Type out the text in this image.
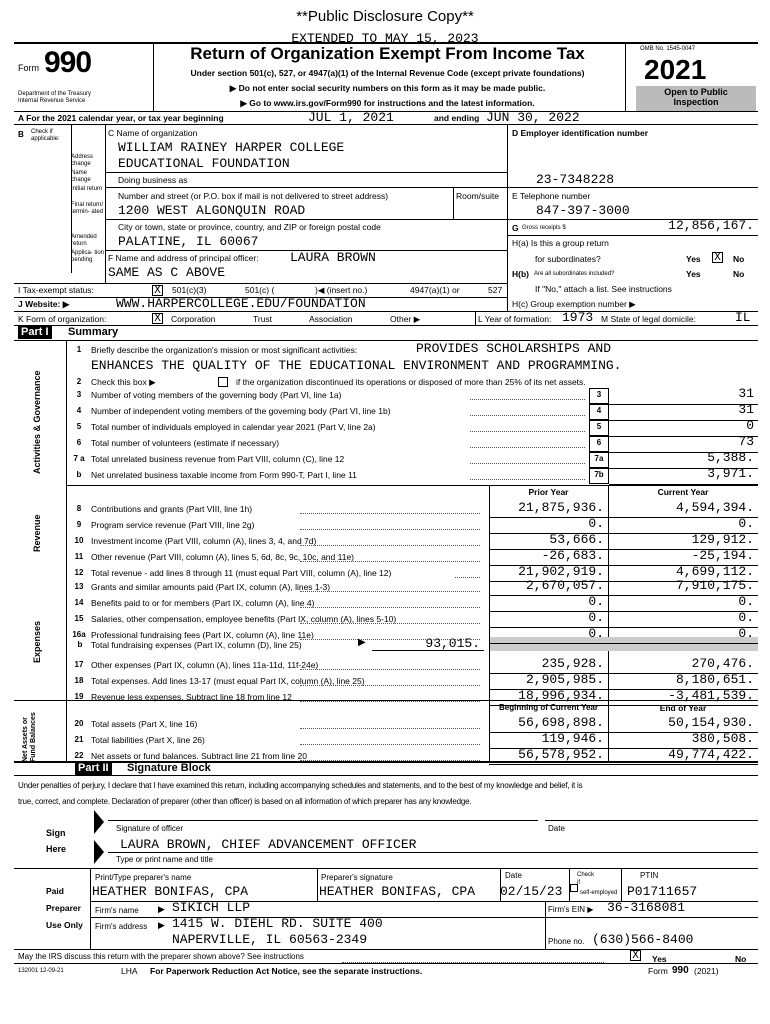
**Public Disclosure Copy**
EXTENDED TO MAY 15, 2023
Form 990
Department of the Treasury
Internal Revenue Service
Return of Organization Exempt From Income Tax
Under section 501(c), 527, or 4947(a)(1) of the Internal Revenue Code (except private foundations)
▶ Do not enter social security numbers on this form as it may be made public.
▶ Go to www.irs.gov/Form990 for instructions and the latest information.
OMB No. 1545-0047
2021
Open to Public
Inspection
A For the 2021 calendar year, or tax year beginning	JUL 1, 2021	and ending JUN 30, 2022
B Check if applicable:
Address change
Name change
Initial return
Final return/ termin- ated
Amended return
Applica- tion pending
C Name of organization
WILLIAM RAINEY HARPER COLLEGE
EDUCATIONAL FOUNDATION
Doing business as
Number and street (or P.O. box if mail is not delivered to street address)	Room/suite
1200 WEST ALGONQUIN ROAD
City or town, state or province, country, and ZIP or foreign postal code
PALATINE, IL 60067
F Name and address of principal officer: LAURA BROWN
SAME AS C ABOVE
D Employer identification number
23-7348228
E Telephone number
847-397-3000
G Gross receipts $	12,856,167.
H(a) Is this a group return
for subordinates?	Yes X No
H(b) Are all subordinates included?	Yes	No
If "No," attach a list. See instructions
I Tax-exempt status:	X 501(c)(3)	501(c) (	)◀ (insert no.)	4947(a)(1) or	527
J Website: ▶	WWW.HARPERCOLLEGE.EDU/FOUNDATION	H(c) Group exemption number ▶
K Form of organization:	X Corporation	Trust	Association	Other ▶	L Year of formation: 1973 M State of legal domicile:	IL
Part I Summary
Activities & Governance
Revenue
Expenses
Net Assets or Fund Balances
1	Briefly describe the organization's mission or most significant activities:	PROVIDES SCHOLARSHIPS AND
ENHANCES THE QUALITY OF THE EDUCATIONAL ENVIRONMENT AND PROGRAMMING.
2	Check this box ▶	if the organization discontinued its operations or disposed of more than 25% of its net assets.
Prior Year	Current Year
b	Total fundraising expenses (Part IX, column (D), line 25)	▶	93,015.
Beginning of Current Year	End of Year
Part II Signature Block
Under penalties of perjury, I declare that I have examined this return, including accompanying schedules and statements, and to the best of my knowledge and belief, it is
true, correct, and complete. Declaration of preparer (other than officer) is based on all information of which preparer has any knowledge.
Sign
Here
Signature of officer	Date
LAURA BROWN, CHIEF ADVANCEMENT OFFICER
Type or print name and title
Paid
Preparer
Use Only
Print/Type preparer's name	Preparer's signature	Date	Check
if
self-employed
PTIN
HEATHER BONIFAS, CPA	HEATHER BONIFAS, CPA 02/15/23	P01711657
Firm's name ▶ SIKICH LLP	Firm's EIN ▶ 36-3168081
Firm's address ▶ 1415 W. DIEHL RD. SUITE 400
NAPERVILLE, IL 60563-2349	Phone no. (630)566-8400
May the IRS discuss this return with the preparer shown above? See instructions	X Yes	No
132001 12-09-21	LHA For Paperwork Reduction Act Notice, see the separate instructions.	Form 990 (2021)
3	Number of voting members of the governing body (Part VI, line 1a)	3	31
4	Number of independent voting members of the governing body (Part VI, line 1b)	4	31
5	Total number of individuals employed in calendar year 2021 (Part V, line 2a)	5	0
6	Total number of volunteers (estimate if necessary)	6	73
7 a Total unrelated business revenue from Part VIII, column (C), line 12	7a	5,388.
b	Net unrelated business taxable income from Form 990-T, Part I, line 11	7b	3,971.
8	Contributions and grants (Part VIII, line 1h)	21,875,936.	4,594,394.
9	Program service revenue (Part VIII, line 2g)	0.	0.
10 Investment income (Part VIII, column (A), lines 3, 4, and 7d)	53,666.	129,912.
11 Other revenue (Part VIII, column (A), lines 5, 6d, 8c, 9c, 10c, and 11e)	-26,683.	-25,194.
12 Total revenue - add lines 8 through 11 (must equal Part VIII, column (A), line 12)	21,902,919.	4,699,112.
13 Grants and similar amounts paid (Part IX, column (A), lines 1-3)	2,670,057.	7,910,175.
14 Benefits paid to or for members (Part IX, column (A), line 4)	0.	0.
15 Salaries, other compensation, employee benefits (Part IX, column (A), lines 5-10)	0.	0.
16a Professional fundraising fees (Part IX, column (A), line 11e)	0.	0.
17 Other expenses (Part IX, column (A), lines 11a-11d, 11f-24e)	235,928.	270,476.
18 Total expenses. Add lines 13-17 (must equal Part IX, column (A), line 25)	2,905,985.	8,180,651.
19 Revenue less expenses. Subtract line 18 from line 12	18,996,934.	-3,481,539.
20 Total assets (Part X, line 16)	56,698,898.	50,154,930.
21 Total liabilities (Part X, line 26)	119,946.	380,508.
22 Net assets or fund balances. Subtract line 21 from line 20	56,578,952.	49,774,422.
